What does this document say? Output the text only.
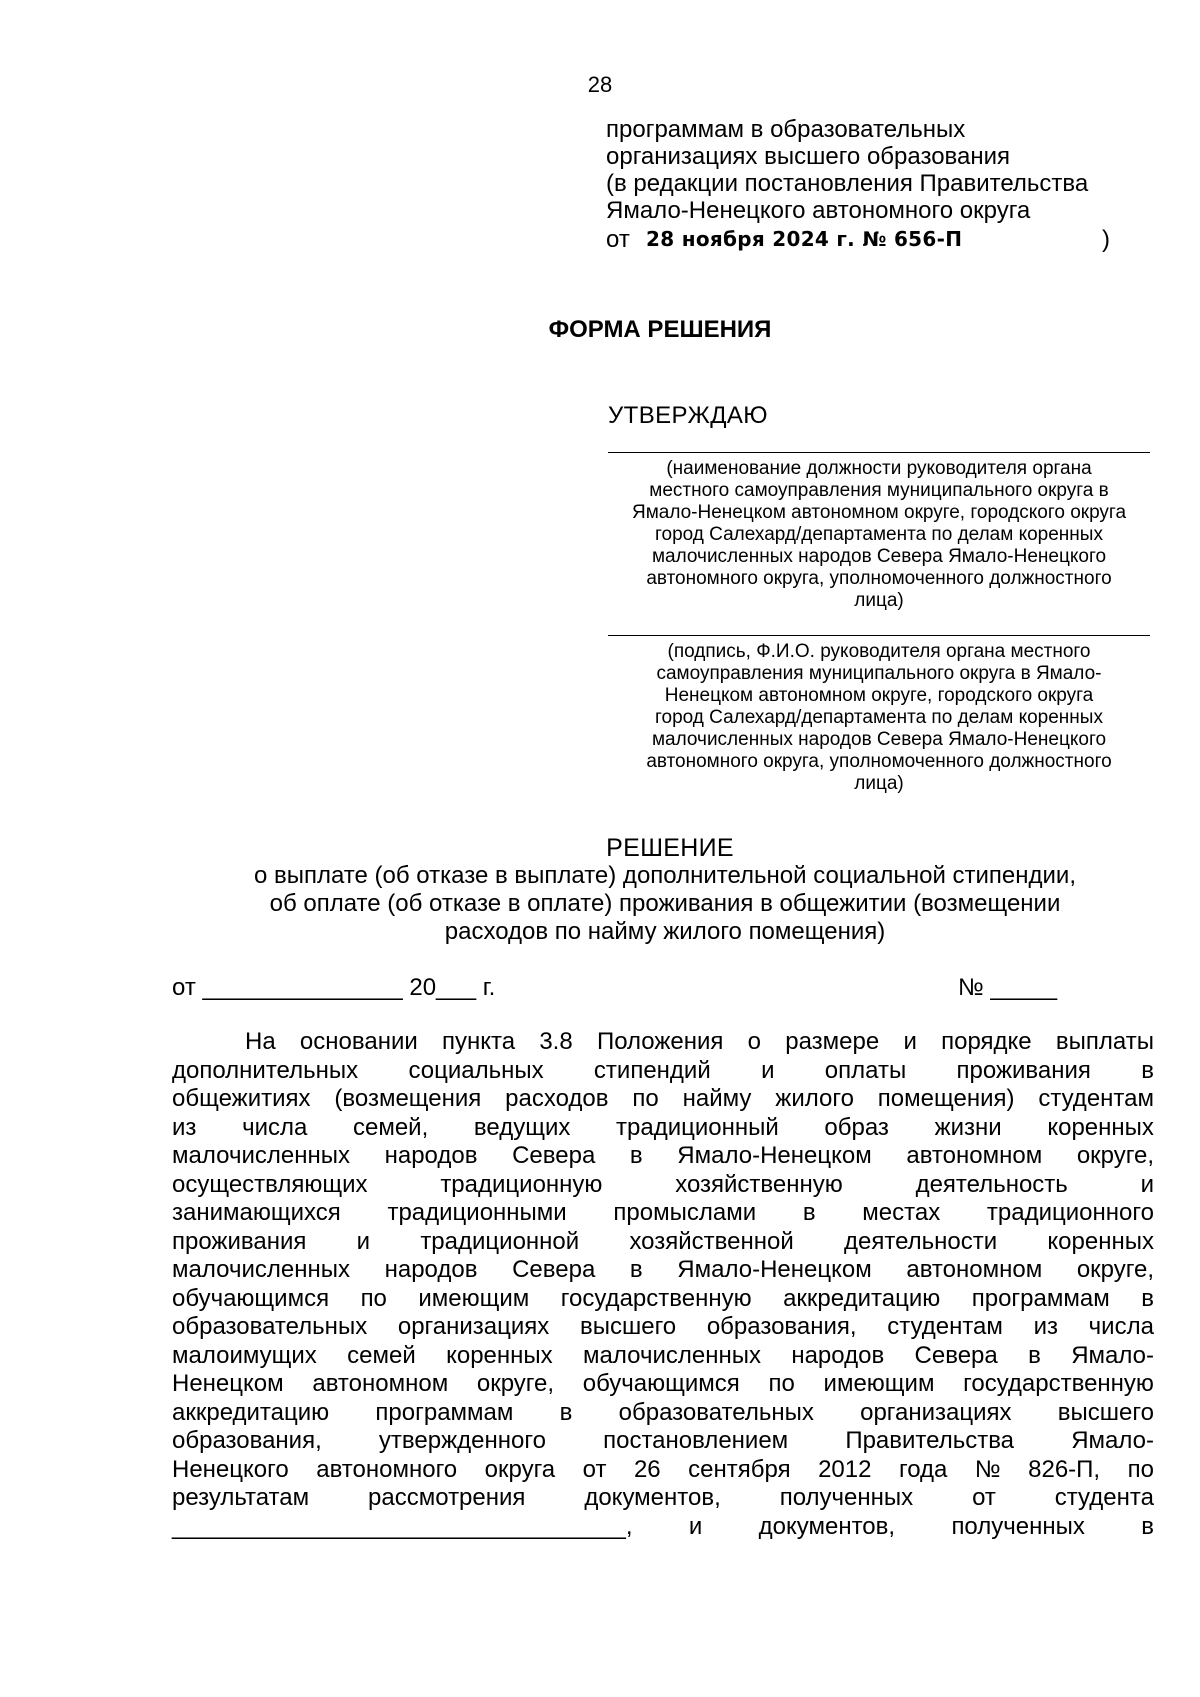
28
программам в образовательных
организациях высшего образования
(в редакции постановления Правительства
Ямало-Ненецкого автономного округа
от 28 ноября 2024 г. № 656-П	)
ФОРМА РЕШЕНИЯ
УТВЕРЖДАЮ
(наименование должности руководителя органа
местного самоуправления муниципального округа в
Ямало-Ненецком автономном округе, городского округа
город Салехард/департамента по делам коренных
малочисленных народов Севера Ямало-Ненецкого
автономного округа, уполномоченного должностного
лица)
(подпись, Ф.И.О. руководителя органа местного
самоуправления муниципального округа в Ямало-
Ненецком автономном округе, городского округа
город Салехард/департамента по делам коренных
малочисленных народов Севера Ямало-Ненецкого
автономного округа, уполномоченного должностного
лица)
РЕШЕНИЕ
о выплате (об отказе в выплате) дополнительной социальной стипендии,
об оплате (об отказе в оплате) проживания в общежитии (возмещении
расходов по найму жилого помещения)
от _______________ 20___ г.	№ _____
На основании пункта 3.8 Положения о размере и порядке выплаты
дополнительных социальных стипендий и оплаты проживания в
общежитиях (возмещения расходов по найму жилого помещения) студентам
из числа семей, ведущих традиционный образ жизни коренных
малочисленных народов Севера в Ямало-Ненецком автономном округе,
осуществляющих	традиционную	хозяйственную	деятельность	и
занимающихся традиционными промыслами в местах традиционного
проживания и традиционной хозяйственной деятельности коренных
малочисленных народов Севера в Ямало-Ненецком автономном округе,
обучающимся по имеющим государственную аккредитацию программам в
образовательных организациях высшего образования, студентам из числа
малоимущих семей коренных малочисленных народов Севера в Ямало-
Ненецком автономном округе, обучающимся по имеющим государственную
аккредитацию программам в образовательных организациях высшего
образования, утвержденного постановлением Правительства Ямало-
Ненецкого автономного округа от 26 сентября 2012 года № 826-П, по
результатам рассмотрения документов, полученных от студента
__________________________________, и документов, полученных в
